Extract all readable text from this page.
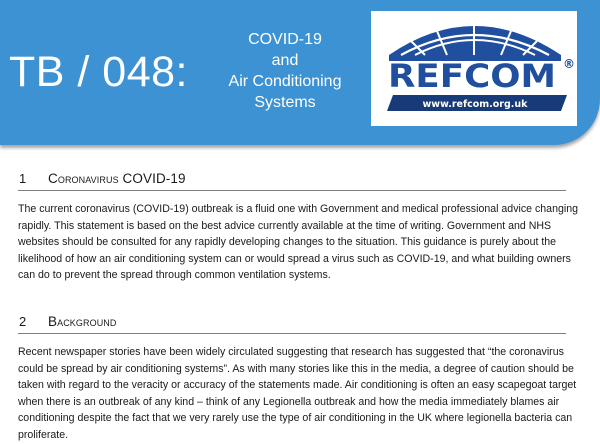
TB / 048:
COVID-19
and
Air Conditioning
Systems
REFCOM ®
www.refcom.org.uk
1 Coronavirus COVID-19
The current coronavirus (COVID-19) outbreak is a fluid one with Government and medical professional advice changing
rapidly. This statement is based on the best advice currently available at the time of writing. Government and NHS
websites should be consulted for any rapidly developing changes to the situation. This guidance is purely about the
likelihood of how an air conditioning system can or would spread a virus such as COVID-19, and what building owners
can do to prevent the spread through common ventilation systems.
2 Background
Recent newspaper stories have been widely circulated suggesting that research has suggested that “the coronavirus
could be spread by air conditioning systems”. As with many stories like this in the media, a degree of caution should be
taken with regard to the veracity or accuracy of the statements made. Air conditioning is often an easy scapegoat target
when there is an outbreak of any kind – think of any Legionella outbreak and how the media immediately blames air
conditioning despite the fact that we very rarely use the type of air conditioning in the UK where legionella bacteria can
proliferate.
